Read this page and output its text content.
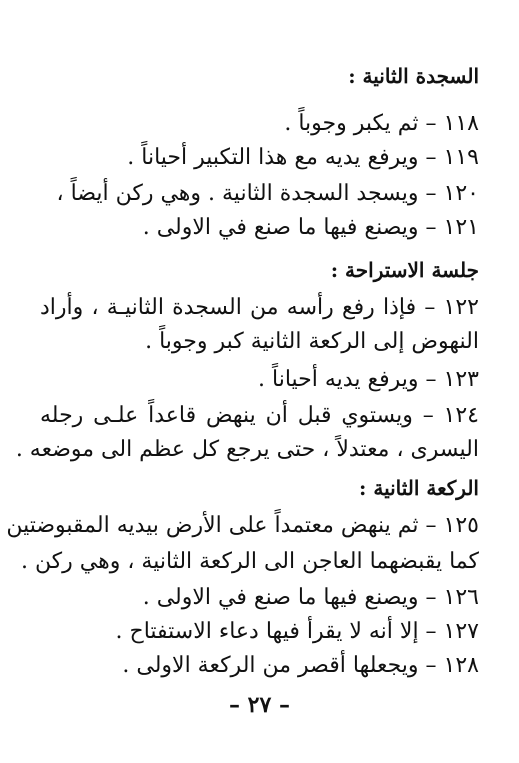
السجدة الثانية :
١١٨ – ثم يكبر وجوباً .
١١٩ – ويرفع يديه مع هذا التكبير أحياناً .
١٢٠ – ويسجد السجدة الثانية . وهي ركن أيضاً ،
١٢١ – ويصنع فيها ما صنع في الاولى .
جلسة الاستراحة :
١٢٢ – فإذا رفع رأسه من السجدة الثانيـة ، وأراد
النهوض إلى الركعة الثانية كبر وجوباً .
١٢٣ – ويرفع يديه أحياناً .
١٢٤ – ويستوي قبل أن ينهض قاعداً علـى رجله
اليسرى ، معتدلاً ، حتى يرجع كل عظم الى موضعه .
الركعة الثانية :
١٢٥ – ثم ينهض معتمداً على الأرض بيديه المقبوضتين
كما يقبضهما العاجن الى الركعة الثانية ، وهي ركن .
١٢٦ – ويصنع فيها ما صنع في الاولى .
١٢٧ – إلا أنه لا يقرأ فيها دعاء الاستفتاح .
١٢٨ – ويجعلها أقصر من الركعة الاولى .
– ٢٧ –
